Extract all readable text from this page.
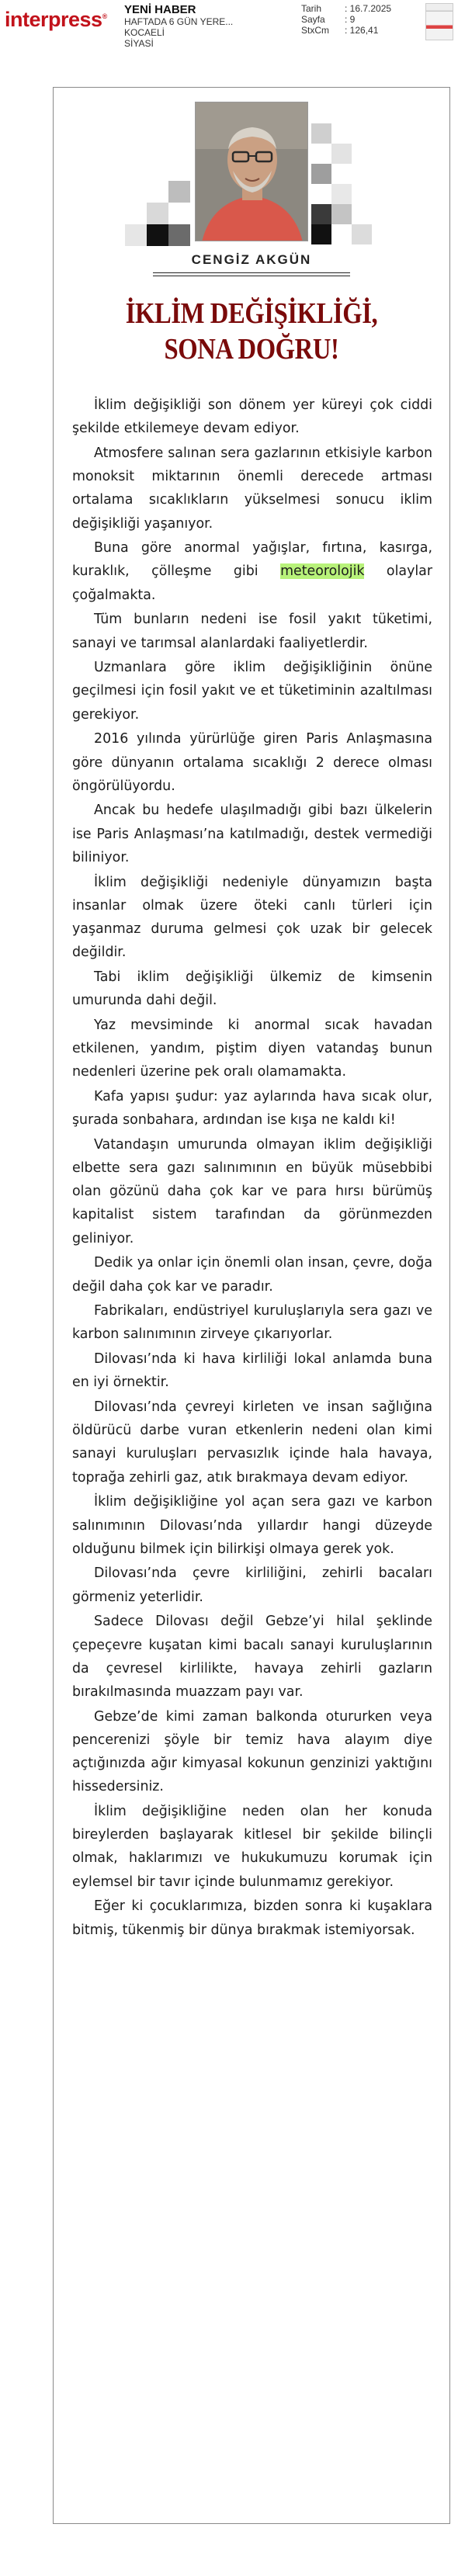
interpress® YENİ HABER
HAFTADA 6 GÜN YERE...
KOCAELİ
SİYASİ
Tarih	: 16.7.2025
Sayfa	: 9
StxCm	: 126,41
CENGİZ AKGÜN
İKLİM DEĞİŞİKLİĞİ,
SONA DOĞRU!

İklim değişikliği son dönem yer küreyi çok ciddi şekilde etkilemeye devam ediyor.

Atmosfere salınan sera gazlarının etkisiyle karbon monoksit miktarının önemli derecede artması ortalama sıcaklıkların yükselmesi sonucu iklim değişikliği yaşanıyor.

Buna göre anormal yağışlar, fırtına, kasırga, kuraklık, çölleşme gibi meteorolojik olaylar çoğalmakta.

Tüm bunların nedeni ise fosil yakıt tüketimi, sanayi ve tarımsal alanlardaki faaliyetlerdir.

Uzmanlara göre iklim değişikliğinin önüne geçilmesi için fosil yakıt ve et tüketiminin azaltılması gerekiyor.

2016 yılında yürürlüğe giren Paris Anlaşmasına göre dünyanın ortalama sıcaklığı 2 derece olması öngörülüyordu.

Ancak bu hedefe ulaşılmadığı gibi bazı ülkelerin ise Paris Anlaşması’na katılmadığı, destek vermediği biliniyor.

İklim değişikliği nedeniyle dünyamızın başta insanlar olmak üzere öteki canlı türleri için yaşanmaz duruma gelmesi çok uzak bir gelecek değildir.

Tabi iklim değişikliği ülkemiz de kimsenin umurunda dahi değil.

Yaz mevsiminde ki anormal sıcak havadan etkilenen, yandım, piştim diyen vatandaş bunun nedenleri üzerine pek oralı olamamakta.

Kafa yapısı şudur: yaz aylarında hava sıcak olur, şurada sonbahara, ardından ise kışa ne kaldı ki!

Vatandaşın umurunda olmayan iklim değişikliği elbette sera gazı salınımının en büyük müsebbibi olan gözünü daha çok kar ve para hırsı bürümüş kapitalist sistem tarafından da görünmezden geliniyor.

Dedik ya onlar için önemli olan insan, çevre, doğa değil daha çok kar ve paradır.

Fabrikaları, endüstriyel kuruluşlarıyla sera gazı ve karbon salınımının zirveye çıkarıyorlar.

Dilovası’nda ki hava kirliliği lokal anlamda buna en iyi örnektir.

Dilovası’nda çevreyi kirleten ve insan sağlığına öldürücü darbe vuran etkenlerin nedeni olan kimi sanayi kuruluşları pervasızlık içinde hala havaya, toprağa zehirli gaz, atık bırakmaya devam ediyor.

İklim değişikliğine yol açan sera gazı ve karbon salınımının Dilovası’nda yıllardır hangi düzeyde olduğunu bilmek için bilirkişi olmaya gerek yok.

Dilovası’nda çevre kirliliğini, zehirli bacaları görmeniz yeterlidir.

Sadece Dilovası değil Gebze’yi hilal şeklinde çepeçevre kuşatan kimi bacalı sanayi kuruluşlarının da çevresel kirlilikte, havaya zehirli gazların bırakılmasında muazzam payı var.

Gebze’de kimi zaman balkonda otururken veya pencerenizi şöyle bir temiz hava alayım diye açtığınızda ağır kimyasal kokunun genzinizi yaktığını hissedersiniz.

İklim değişikliğine neden olan her konuda bireylerden başlayarak kitlesel bir şekilde bilinçli olmak, haklarımızı ve hukukumuzu korumak için eylemsel bir tavır içinde bulunmamız gerekiyor.

Eğer ki çocuklarımıza, bizden sonra ki kuşaklara bitmiş, tükenmiş bir dünya bırakmak istemiyorsak.
